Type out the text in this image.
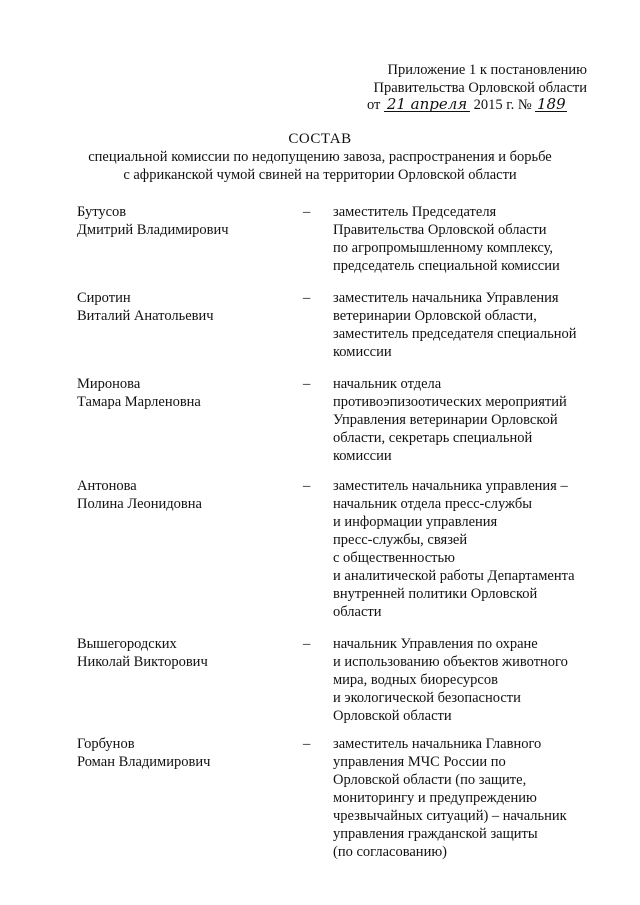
Приложение 1 к постановлению
Правительства Орловской области
от 21 апреля 2015 г. № 189
СОСТАВ
специальной комиссии по недопущению завоза, распространения и борьбе
с африканской чумой свиней на территории Орловской области
Бутусов
Дмитрий Владимирович
–	заместитель Председателя
Правительства Орловской области
по агропромышленному комплексу,
председатель специальной комиссии
Сиротин
Виталий Анатольевич
–	заместитель начальника Управления
ветеринарии Орловской области,
заместитель председателя специальной
комиссии
Миронова
Тамара Марленовна
–	начальник отдела
противоэпизоотических мероприятий
Управления ветеринарии Орловской
области, секретарь специальной
комиссии
Антонова
Полина Леонидовна
–	заместитель начальника управления –
начальник отдела пресс-службы
и информации управления
пресс-службы, связей
с общественностью
и аналитической работы Департамента
внутренней политики Орловской
области
Вышегородских
Николай Викторович
–	начальник Управления по охране
и использованию объектов животного
мира, водных биоресурсов
и экологической безопасности
Орловской области
Горбунов
Роман Владимирович
–	заместитель начальника Главного
управления МЧС России по
Орловской области (по защите,
мониторингу и предупреждению
чрезвычайных ситуаций) – начальник
управления гражданской защиты
(по согласованию)
